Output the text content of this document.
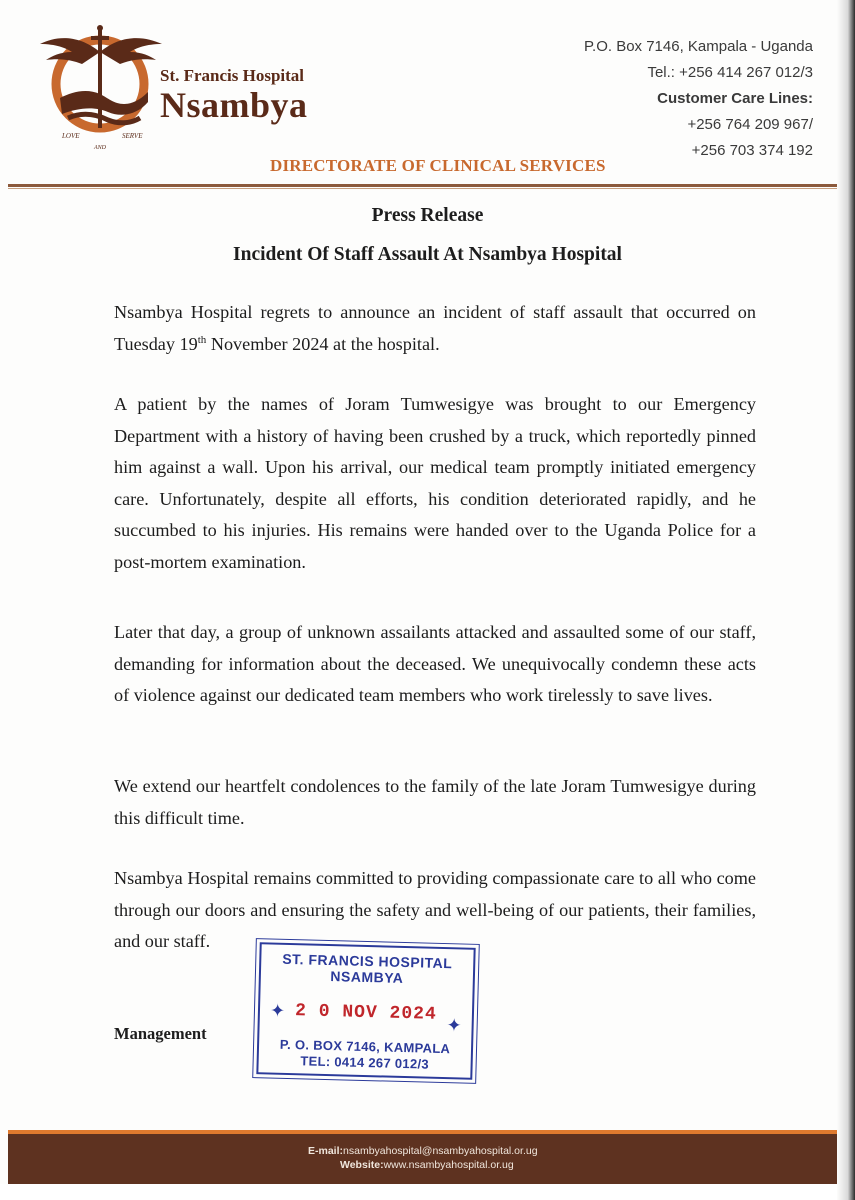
LOVE	SERVE
AND
St. Francis Hospital
Nsambya
P.O. Box 7146, Kampala - Uganda
Tel.: +256 414 267 012/3
Customer Care Lines:
+256 764 209 967/
+256 703 374 192
DIRECTORATE OF CLINICAL SERVICES
Press Release
Incident Of Staff Assault At Nsambya Hospital
Nsambya Hospital regrets to announce an incident of staff assault that occurred on Tuesday 19th November 2024 at the hospital.
A patient by the names of Joram Tumwesigye was brought to our Emergency Department with a history of having been crushed by a truck, which reportedly pinned him against a wall. Upon his arrival, our medical team promptly initiated emergency care. Unfortunately, despite all efforts, his condition deteriorated rapidly, and he succumbed to his injuries. His remains were handed over to the Uganda Police for a post-mortem examination.
Later that day, a group of unknown assailants attacked and assaulted some of our staff, demanding for information about the deceased. We unequivocally condemn these acts of violence against our dedicated team members who work tirelessly to save lives.
We extend our heartfelt condolences to the family of the late Joram Tumwesigye during this difficult time.
Nsambya Hospital remains committed to providing compassionate care to all who come through our doors and ensuring the safety and well-being of our patients, their families, and our staff.
Management
ST. FRANCIS HOSPITAL
NSAMBYA
✦ 2 0 NOV 2024
✦
P. O. BOX 7146, KAMPALA
TEL: 0414 267 012/3
E-mail:nsambyahospital@nsambyahospital.or.ug
Website:www.nsambyahospital.or.ug
